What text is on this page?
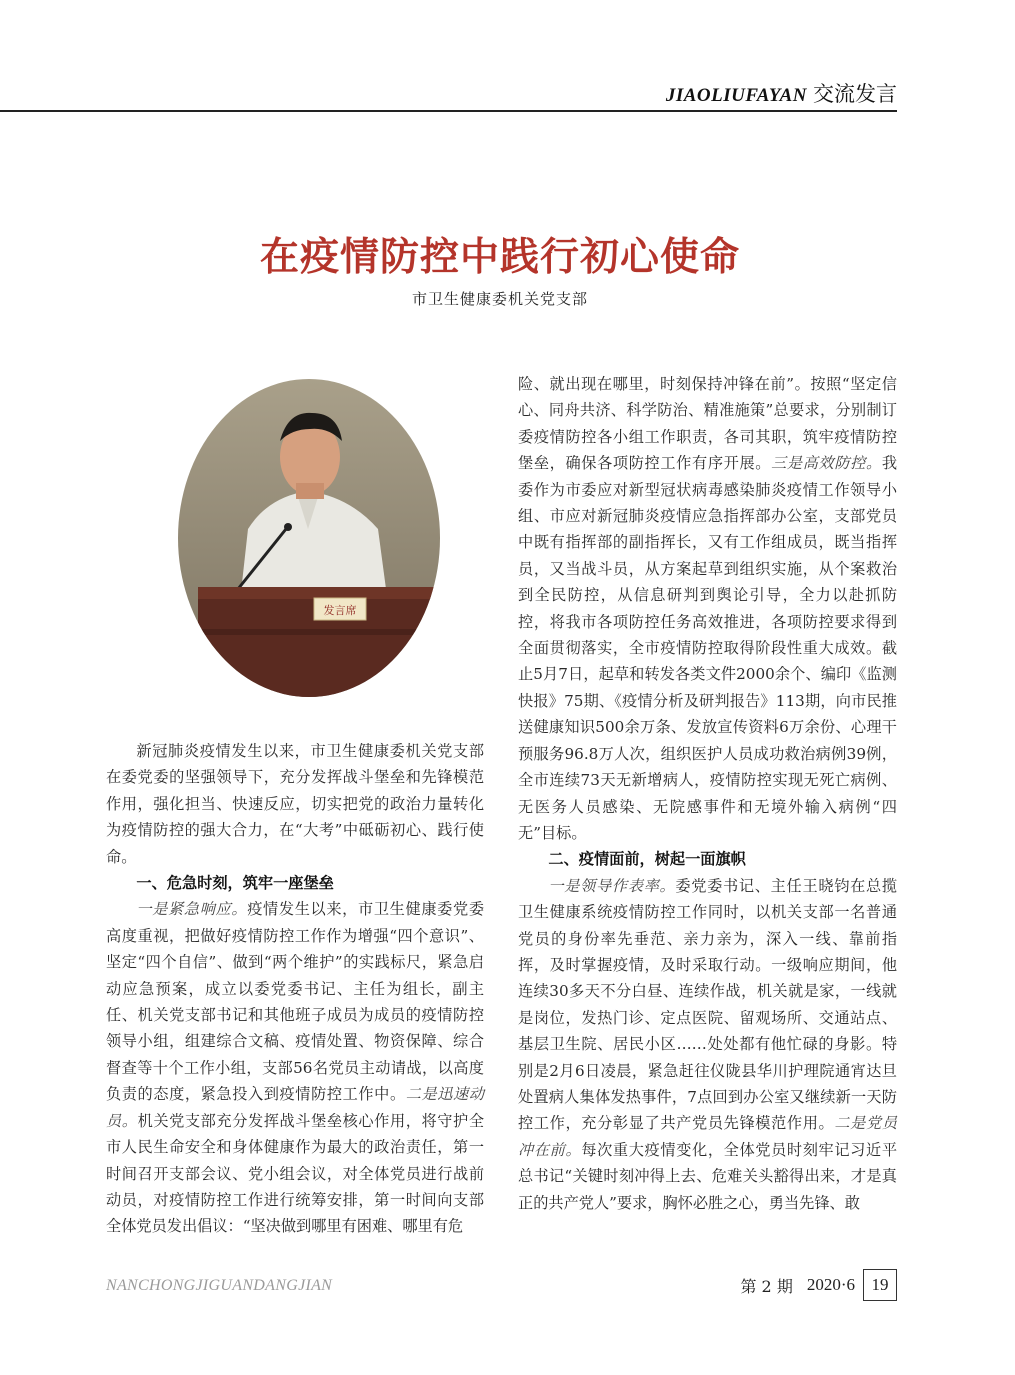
JIAOLIUFAYAN 交流发言
在疫情防控中践行初心使命
市卫生健康委机关党支部
发言席

新冠肺炎疫情发生以来，市卫生健康委机关党支部在委党委的坚强领导下，充分发挥战斗堡垒和先锋模范作用，强化担当、快速反应，切实把党的政治力量转化为疫情防控的强大合力，在“大考”中砥砺初心、践行使命。

一、危急时刻，筑牢一座堡垒

一是紧急响应。疫情发生以来，市卫生健康委党委高度重视，把做好疫情防控工作作为增强“四个意识”、坚定“四个自信”、做到“两个维护”的实践标尺，紧急启动应急预案，成立以委党委书记、主任为组长，副主任、机关党支部书记和其他班子成员为成员的疫情防控领导小组，组建综合文稿、疫情处置、物资保障、综合督查等十个工作小组，支部56名党员主动请战，以高度负责的态度，紧急投入到疫情防控工作中。二是迅速动员。机关党支部充分发挥战斗堡垒核心作用，将守护全市人民生命安全和身体健康作为最大的政治责任，第一时间召开支部会议、党小组会议，对全体党员进行战前动员，对疫情防控工作进行统筹安排，第一时间向支部全体党员发出倡议：“坚决做到哪里有困难、哪里有危

险、就出现在哪里，时刻保持冲锋在前”。按照“坚定信心、同舟共济、科学防治、精准施策”总要求，分别制订委疫情防控各小组工作职责，各司其职，筑牢疫情防控堡垒，确保各项防控工作有序开展。三是高效防控。我委作为市委应对新型冠状病毒感染肺炎疫情工作领导小组、市应对新冠肺炎疫情应急指挥部办公室，支部党员中既有指挥部的副指挥长，又有工作组成员，既当指挥员，又当战斗员，从方案起草到组织实施，从个案救治到全民防控，从信息研判到舆论引导，全力以赴抓防控，将我市各项防控任务高效推进，各项防控要求得到全面贯彻落实，全市疫情防控取得阶段性重大成效。截止5月7日，起草和转发各类文件2000余个、编印《监测快报》75期、《疫情分析及研判报告》113期，向市民推送健康知识500余万条、发放宣传资料6万余份、心理干预服务96.8万人次，组织医护人员成功救治病例39例，全市连续73天无新增病人，疫情防控实现无死亡病例、无医务人员感染、无院感事件和无境外输入病例“四无”目标。

二、疫情面前，树起一面旗帜

一是领导作表率。委党委书记、主任王晓钧在总揽卫生健康系统疫情防控工作同时，以机关支部一名普通党员的身份率先垂范、亲力亲为，深入一线、靠前指挥，及时掌握疫情，及时采取行动。一级响应期间，他连续30多天不分白昼、连续作战，机关就是家，一线就是岗位，发热门诊、定点医院、留观场所、交通站点、基层卫生院、居民小区……处处都有他忙碌的身影。特别是2月6日凌晨，紧急赶往仪陇县华川护理院通宵达旦处置病人集体发热事件，7点回到办公室又继续新一天防控工作，充分彰显了共产党员先锋模范作用。二是党员冲在前。每次重大疫情变化，全体党员时刻牢记习近平总书记“关键时刻冲得上去、危难关头豁得出来，才是真正的共产党人”要求，胸怀必胜之心，勇当先锋、敢

NANCHONGJIGUANDANGJIAN	第 2 期 2020·6 19
